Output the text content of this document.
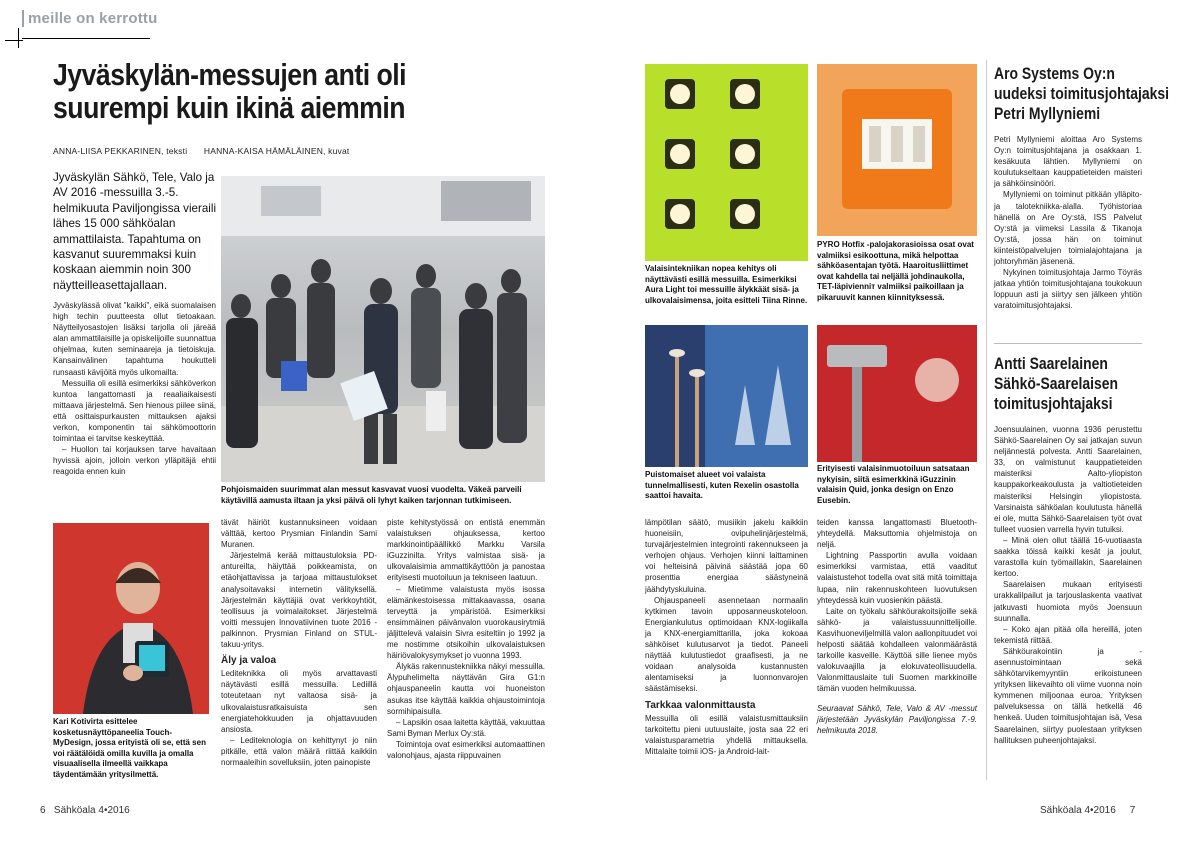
meille on kerrottu
Jyväskylän-messujen anti oli
suurempi kuin ikinä aiemmin
ANNA-LIISA PEKKARINEN, teksti HANNA-KAISA HÄMÄLÄINEN, kuvat
Jyväskylän Sähkö, Tele, Valo ja AV 2016 -messuilla 3.-5. helmikuuta Paviljongissa vieraili lähes 15 000 sähköalan ammattilaista. Tapahtuma on kasvanut suuremmaksi kuin koskaan aiemmin noin 300 näytteilleasettajallaan.

Jyväskylässä olivat "kaikki", eikä suomalaisen high techin puutteesta ollut tietoakaan. Näytteilyosastojen lisäksi tarjolla oli järeää alan ammattilaisille ja opiskelijoille suunnattua ohjelmaa, kuten seminaareja ja tietoiskuja. Kansainvälinen tapahtuma houkutteli runsaasti kävijöitä myös ulkomailta.

Messuilla oli esillä esimerkiksi sähköverkon kuntoa langattomasti ja reaaliaikaisesti mittaava järjestelmä. Sen hienous piilee siinä, että osittaispurkausten mittauksen ajaksi verkon, komponentin tai sähkömoottorin toimintaa ei tarvitse keskeyttää.

– Huollon tai korjauksen tarve havaitaan hyvissä ajoin, jolloin verkon ylläpitäjä ehtii reagoida ennen kuin

Pohjoismaiden suurimmat alan messut kasvavat vuosi vuodelta. Väkeä parveili käytävillä aamusta iltaan ja yksi päivä oli lyhyt kaiken tarjonnan tutkimiseen.
Kari Kotivirta esittelee kosketusnäyttöpaneelia Touch-MyDesign, jossa erityistä oli se, että sen voi räätälöidä omilla kuvilla ja omalla visuaalisella ilmeellä vaikkapa täydentämään yritysilmettä.

tävät häiriöt kustannuksineen voidaan välttää, kertoo Prysmian Finlandin Sami Muranen.

Järjestelmä kerää mittaustuloksia PD-antureilta, häiyttää poikkeamista, on etäohjattavissa ja tarjoaa mittaustulokset analysoitavaksi internetin välityksellä. Järjestelmän käyttäjiä ovat verkkoyhtiöt, teollisuus ja voimalaitokset. Järjestelmä voitti messujen Innovatiivinen tuote 2016 -palkinnon. Prysmian Finland on STUL-takuu-yritys.

Äly ja valoa

Lediteknikka oli myös arvattavasti näytävästi esillä messuilla. Lediillä toteutetaan nyt valtaosa sisä- ja ulkovalaistusratkaisuista sen energiatehokkuuden ja ohjattavuuden ansiosta.

– Lediteknologia on kehittynyt jo niin pitkälle, että valon määrä riittää kaikkiin normaaleihin sovelluksiin, joten painopiste

piste kehitystyössä on entistä enemmän valaistuksen ohjauksessa, kertoo markkinointipäällikkö Markku Varsila iGuzzinilta. Yritys valmistaa sisä- ja ulkovalaisimia ammattikäyttöön ja panostaa erityisesti muotoiluun ja tekniseen laatuun.

– Mietimme valaistusta myös isossa elämänkestoisessa mittakaavassa, osana terveyttä ja ympäristöä. Esimerkiksi ensimmäinen päivänvalon vuorokausirytmiä jäljittelevä valaisin Sivra esiteltiin jo 1992 ja me nostimme otsikoihin ulkovalaistuksen häiriövalokysymykset jo vuonna 1993.

Älykäs rakennustekniikka näkyi messuilla. Älypuhelimelta näyttävän Gira G1:n ohjauspaneelin kautta voi huoneiston asukas itse käyttää kaikkia ohjaustoimintoja sormihipaisulla.

– Lapsikin osaa laitetta käyttää, vakuuttaa Sami Byman Merlux Oy:stä.

Toimintoja ovat esimerkiksi automaattinen valonohjaus, ajasta riippuvainen

Valaisintekniikan nopea kehitys oli näyttävästi esillä messuilla. Esimerkiksi Aura Light toi messuille älykkäät sisä- ja ulkovalaisimensa, joita esitteli Tiina Rinne.
PYRO Hotfix -palojakorasioissa osat ovat valmiiksi esikoottuna, mikä helpottaa sähköasentajan työtä. Haaroitusliittimet ovat kahdella tai neljällä johdinaukolla, TET-läpivienniт valmiiksi paikoillaan ja pikaruuvit kannen kiinnityksessä.
Puistomaiset alueet voi valaista tunnelmallisesti, kuten Rexelin osastolla saattoi havaita.
Erityisesti valaisinmuotoiluun satsataan nykyisin, siitä esimerkkinä iGuzzinin valaisin Quid, jonka design on Enzo Eusebin.

lämpötilan säätö, musiikin jakelu kaikkiin huoneisiin, ovipuhelinjärjestelmä, turvajärjestelmien integrointi rakennukseen ja verhojen ohjaus. Verhojen kiinni laittaminen voi helteisinä päivinä säästää jopa 60 prosenttia energiaa säästyneinä jäähdytyskuluina.

Ohjauspaneeli asennetaan normaalin kytkimen tavoin upposanneuskoteloon. Energiankulutus optimoidaan KNX-logiikalla ja KNX-energiamittarilla, joka kokoaa sähköiset kulutusarvot ja tiedot. Paneeli näyttää kulutustiedot graafisesti, ja ne voidaan analysoida kustannusten alentamiseksi ja luonnonvarojen säästämiseksi.

Tarkkaa valonmittausta

Messuilla oli esillä valaistusmittauksiin tarkoitettu pieni uutuuslaite, josta saa 22 eri valaistusparametria yhdellä mittauksella. Mittalaite toimii iOS- ja Android-lait-

teiden kanssa langattomasti Bluetooth-yhteydellä. Maksuttomia ohjelmistoja on neljä.

Lightning Passportin avulla voidaan esimerkiksi varmistaa, että vaaditut valaistustehot todella ovat sitä mitä toimittaja lupaa, niin rakennuskohteen luovutuksen yhteydessä kuin vuosienkin päästä.

Laite on työkalu sähköurakoitsijoille sekä sähkö- ja valaistussuunnittelijoille. Kasvihuoneviljelmillä valon aallonpituudet voi helposti säätää kohdalleen valonmäärästä tarkoille kasveille. Käyttöä sille lienee myös valokuvaajilla ja elokuvateollisuudella. Valonmittauslaite tuli Suomen markkinoille tämän vuoden helmikuussa.

Seuraavat Sähkö, Tele, Valo & AV -messut järjestetään Jyväskylän Paviljongissa 7.-9. helmikuuta 2018.

Aro Systems Oy:n
uudeksi toimitusjohtajaksi
Petri Myllyniemi

Petri Myllyniemi aloittaa Aro Systems Oy:n toimitusjohtajana ja osakkaan 1. kesäkuuta lähtien. Myllyniemi on koulutukseltaan kauppatieteiden maisteri ja sähköinsinööri.

Myllyniemi on toiminut pitkään ylläpito- ja talotekniikka-alalla. Työhistoriaa hänellä on Are Oy:stä, ISS Palvelut Oy:stä ja viimeksi Lassila & Tikanoja Oy:stä, jossa hän on toiminut kiinteistöpalvelujen toimialajohtajana ja johtoryhmän jäsenenä.

Nykyinen toimitusjohtaja Jarmo Töyräs jatkaa yhtiön toimitusjohtajana toukokuun loppuun asti ja siirtyy sen jälkeen yhtiön varatoimitusjohtajaksi.

Antti Saarelainen
Sähkö-Saarelaisen
toimitusjohtajaksi

Joensuulainen, vuonna 1936 perustettu Sähkö-Saarelainen Oy sai jatkajan suvun neljännestä polvesta. Antti Saarelainen, 33, on valmistunut kauppatieteiden maisteriksi Aalto-yliopiston kauppakorkeakoulusta ja valtiotieteiden maisteriksi Helsingin yliopistosta. Varsinaista sähköalan koulutusta hänellä ei ole, mutta Sähkö-Saarelaisen työt ovat tulleet vuosien varrella hyvin tutuiksi.

– Minä olen ollut täällä 16-vuotiaasta saakka töissä kaikki kesät ja joulut, varastolla kuin työmaillakin, Saarelainen kertoo.

Saarelaisen mukaan erityisesti urakkalilpailut ja tarjouslaskenta vaativat jatkuvasti huomiota myös Joensuun suunnalla.

– Koko ajan pitää olla hereillä, joten tekemistä riittää.

Sähköurakointiin ja -asennustoimintaan sekä sähkötarvikemyyntiin erikoistuneen yrityksen liikevaihto oli viime vuonna noin kymmenen miljoonaa euroa. Yrityksen palveluksessa on tällä hetkellä 46 henkeä. Uuden toimitusjohtajan isä, Vesa Saarelainen, siirtyy puolestaan yrityksen hallituksen puheenjohtajaksi.

6 Sähköala 4•2016	Sähköala 4•2016 7
